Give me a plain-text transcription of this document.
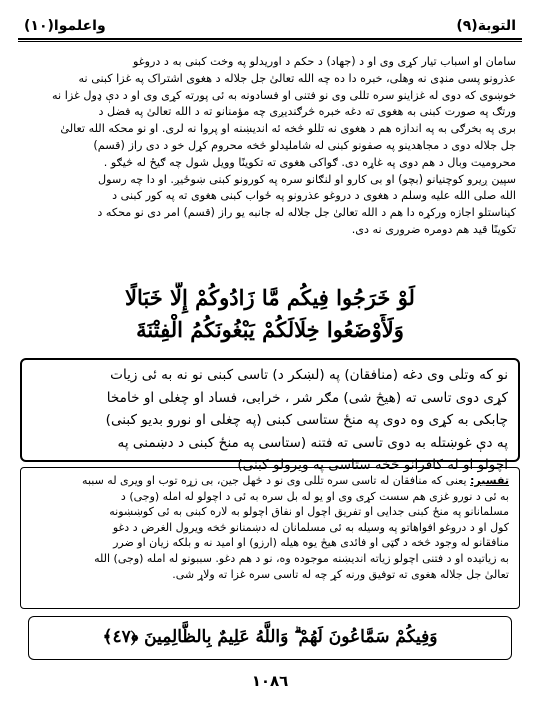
واعلموا(١٠)	التوبة(٩)

سامان او اسباب تیار کړی وی او د (جهاد) د حکم د اوریدلو په وخت کبنی به د دروغو

عذرونو پسی منډی نه وهلی، خبره دا ده چه الله تعالیٰ جل جلاله د هغوی اشتراک په غزا کبنی نه

خوښوی که دوی له غزاینو سره تللی وی نو فتنی او فسادونه به ئی پورته کړی وی او د دې ډول غزا نه

ورتګ په صورت کبنی به هغوی ته دغه خبره څرګندیږی چه مؤمنانو ته د الله تعالیٰ په فضل د

بری په بخرګی به په اندازه هم د هغوی نه تللو څخه ئه اندیښنه او پروا نه لری. او نو محکه الله تعالیٰ

جل جلاله دوی د مجاهدینو په صفونو کبنی له شاملیدلو څخه محروم کړل خو د دی راز (قسم)

محرومیت وبال د هم دوی په غاړه دی. ګواکی هغوی ته تکوینًا وویل شول چه ګیځ له څیګو .

سپین ږیرو کوچنیانو (بچو) او بی کارو او لنګانو سره په کورونو کبنی ښوځیږ. او دا چه رسول

الله صلی الله علیه وسلم د هغوی د دروغو عذرونو په ځواب کبنی هغوی ته په کور کبنی د

کیناستلو اجازه ورکړه دا هم د الله تعالیٰ جل جلاله له جانبه یو راز (قسم) امر دی نو محکه د

تکوینًا قید هم دومره ضروری نه دی.

لَوْ خَرَجُوا فِيكُم مَّا زَادُوكُمْ إِلَّا خَبَالًا
وَلَأَوْضَعُوا خِلَالَكُمْ يَبْغُونَكُمُ الْفِتْنَةَ
نو که وتلی وی دغه (منافقان) په (لښکر د) تاسی کبنی نو نه به ئی زیات
کړی دوی تاسی ته (هیڅ شی) مګر شر ، خرابی، فساد او چغلی او خامخا
چابکی به کړی وه دوی په منځ ستاسی کبنی (په چغلی او نورو بدیو کبنی)
په دې غوښتله به دوی تاسی ته فتنه (ستاسی په منځ کبنی د دښمنی په
اچولو او له کافرانو څخه ستاسی په ویرولو کبنی)
تفسیر: یعنی که منافقان له تاسی سره تللی وی نو د څهل جین، بی زړه توب او ویری له سببه
به ئی د نورو غزی هم سست کړی وی او یو له بل سره به ئی د اچولو له امله (وجی) د
مسلمانانو په منځ کبنی جدایی او تفریق اچول او نفاق اچولو به لاره کبنی به ئی کوښښونه
کول او د دروغو افواهاتو په وسیله به ئی مسلمانان له دښمنانو څخه ویرول الغرض د دغو
منافقانو له وجود څخه د ګټی او فائدی هیڅ یوه هیله (ارزو) او امید نه و بلکه زیان او ضرر
به زیاتیده او د فتنی اچولو زیاته اندیښنه موجوده وه، نو د هم دغو. سببونو له امله (وجی) الله
تعالیٰ جل جلاله هغوی ته توفیق ورنه کړ چه له تاسی سره غزا ته ولاړ شی.
وَفِيكُمْ سَمَّاعُونَ لَهُمْ ۗ وَاللَّهُ عَلِيمٌ بِالظَّالِمِينَ ﴿٤٧﴾
١٠٨٦
